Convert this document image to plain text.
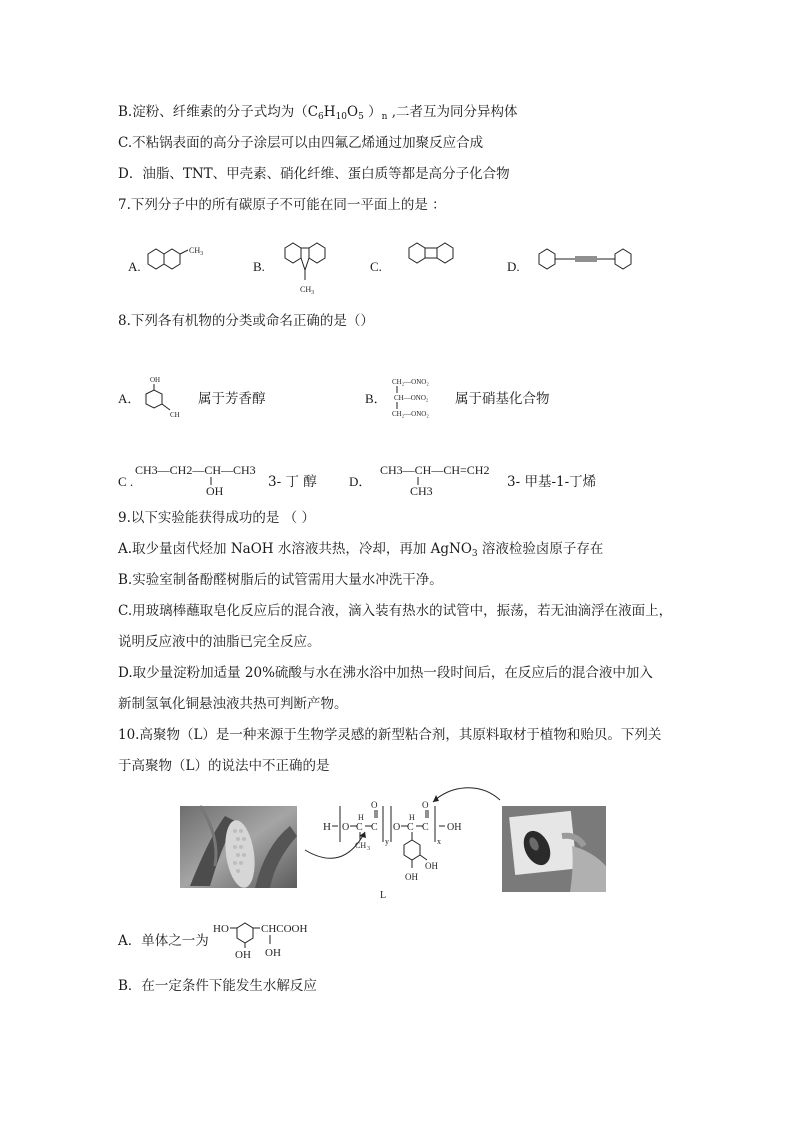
B.淀粉、纤维素的分子式均为（$C_6H_{10}O_5$ ）$_n$ ,二者互为同分异构体
C.不粘锅表面的高分子涂层可以由四氟乙烯通过加聚反应合成
D．油脂、TNT、甲壳素、硝化纤维、蛋白质等都是高分子化合物
7.下列分子中的所有碳原子不可能在同一平面上的是 ：
A.
$CH_3$
B.
$CH_3$
C.	D.
8.下列各有机物的分类或命名正确的是（）
A．
OH
CH
属于芳香醇	B．
CH₂—ONO₂
CH—ONO₂
CH₂—ONO₂
属于硝基化合物
C .
CH3—CH2—CH—CH3
OH
3- 丁 醇 D．
CH3—CH—CH=CH2
CH3
3- 甲基-1-丁烯
9.以下实验能获得成功的是 （ ）
A.取少量卤代烃加 NaOH 水溶液共热，冷却，再加 AgNO$_3$ 溶液检验卤原子存在
B.实验室制备酚醛树脂后的试管需用大量水冲洗干净。
C.用玻璃棒蘸取皂化反应后的混合液，滴入装有热水的试管中，振荡，若无油滴浮在液面上，
说明反应液中的油脂已完全反应。
D.取少量淀粉加适量 20%硫酸与水在沸水浴中加热一段时间后，在反应后的混合液中加入
新制氢氧化铜悬浊液共热可判断产物。
10.高聚物（L）是一种来源于生物学灵感的新型粘合剂，其原料取材于植物和贻贝。下列关
于高聚物（L）的说法中不正确的是
H O C C
O
H
CH 3
y
O C
H
C
O
x
OH
OH
OH
L
A．单体之一为
HO	CHCOOH
OH OH
B．在一定条件下能发生水解反应
